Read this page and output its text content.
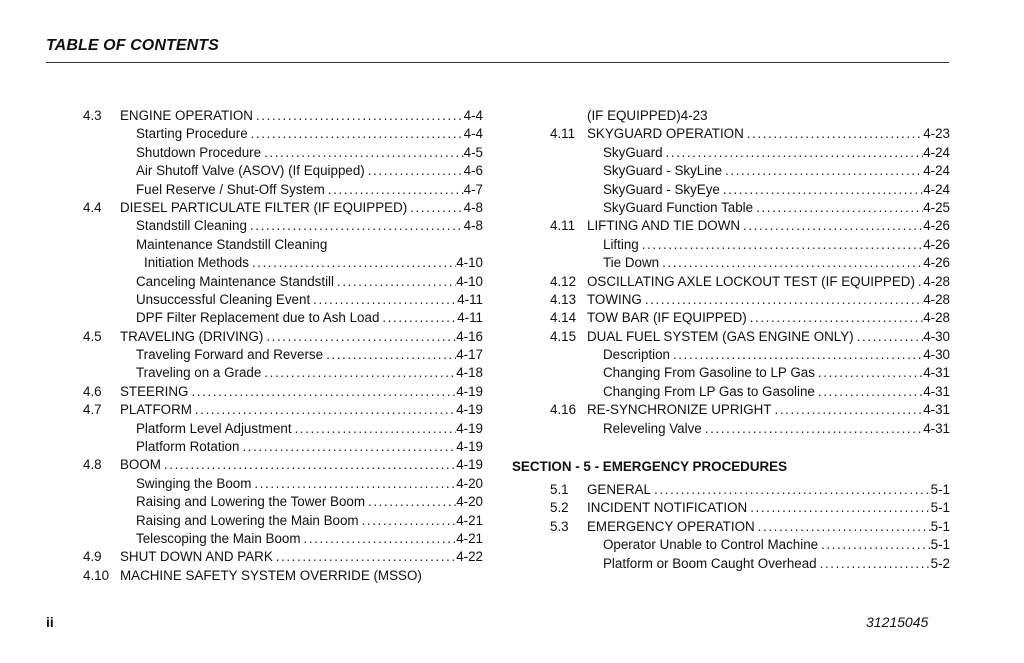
TABLE OF CONTENTS
4.3	ENGINE OPERATION .....	4-4
Starting Procedure .....	4-4
Shutdown Procedure .....	4-5
Air Shutoff Valve (ASOV) (If Equipped) .....	4-6
Fuel Reserve / Shut-Off System .....	4-7
4.4	DIESEL PARTICULATE FILTER (IF EQUIPPED) .....	4-8
Standstill Cleaning .....	4-8
Maintenance Standstill Cleaning
Initiation Methods .....	4-10
Canceling Maintenance Standstill .....	4-10
Unsuccessful Cleaning Event .....	4-11
DPF Filter Replacement due to Ash Load .....	4-11
4.5	TRAVELING (DRIVING) .....	4-16
Traveling Forward and Reverse .....	4-17
Traveling on a Grade .....	4-18
4.6	STEERING .....	4-19
4.7	PLATFORM .....	4-19
Platform Level Adjustment .....	4-19
Platform Rotation .....	4-19
4.8	BOOM .....	4-19
Swinging the Boom .....	4-20
Raising and Lowering the Tower Boom .....	4-20
Raising and Lowering the Main Boom .....	4-21
Telescoping the Main Boom .....	4-21
4.9	SHUT DOWN AND PARK .....	4-22
4.10 MACHINE SAFETY SYSTEM OVERRIDE (MSSO)
(IF EQUIPPED)4-23
4.11 SKYGUARD OPERATION .....	4-23
SkyGuard .....	4-24
SkyGuard - SkyLine .....	4-24
SkyGuard - SkyEye .....	4-24
SkyGuard Function Table .....	4-25
4.11 LIFTING AND TIE DOWN .....	4-26
Lifting .....	4-26
Tie Down .....	4-26
4.12 OSCILLATING AXLE LOCKOUT TEST (IF EQUIPPED) ..... 4-28
4.13 TOWING .....	4-28
4.14 TOW BAR (IF EQUIPPED) .....	4-28
4.15 DUAL FUEL SYSTEM (GAS ENGINE ONLY) .....	4-30
Description .....	4-30
Changing From Gasoline to LP Gas .....	4-31
Changing From LP Gas to Gasoline .....	4-31
4.16 RE-SYNCHRONIZE UPRIGHT .....	4-31
Releveling Valve .....	4-31
SECTION - 5 - EMERGENCY PROCEDURES
5.1	GENERAL .....	5-1
5.2	INCIDENT NOTIFICATION .....	5-1
5.3	EMERGENCY OPERATION .....	5-1
Operator Unable to Control Machine .....	5-1
Platform or Boom Caught Overhead .....	5-2
ii	31215045
